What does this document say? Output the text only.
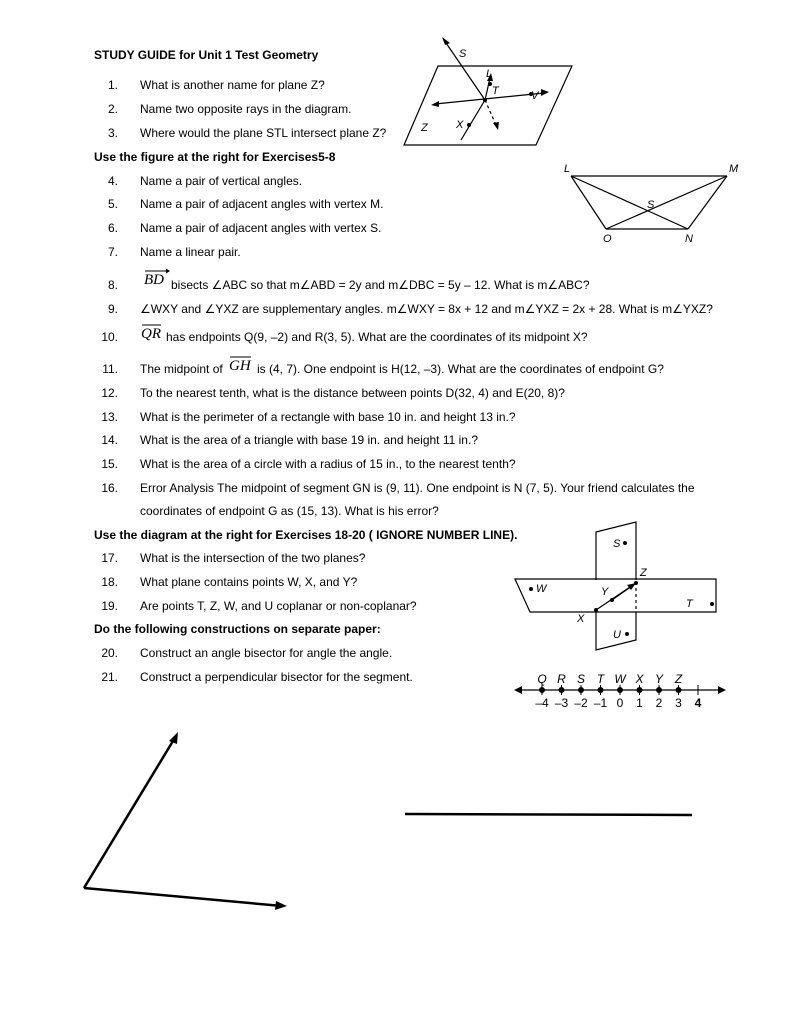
STUDY GUIDE for Unit 1 Test Geometry
1. What is another name for plane Z?
2. Name two opposite rays in the diagram.
3. Where would the plane STL intersect plane Z?
Use the figure at the right for Exercises5-8
4. Name a pair of vertical angles.
5. Name a pair of adjacent angles with vertex M.
6. Name a pair of adjacent angles with vertex S.
7. Name a linear pair.
8. BD bisects ∠ABC so that m∠ABD = 2y and m∠DBC = 5y – 12. What is m∠ABC?
9. ∠WXY and ∠YXZ are supplementary angles. m∠WXY = 8x + 12 and m∠YXZ = 2x + 28. What is m∠YXZ?
10. QR has endpoints Q(9, –2) and R(3, 5). What are the coordinates of its midpoint X?
11. The midpoint of GH is (4, 7). One endpoint is H(12, –3). What are the coordinates of endpoint G?
12. To the nearest tenth, what is the distance between points D(32, 4) and E(20, 8)?
13. What is the perimeter of a rectangle with base 10 in. and height 13 in.?
14. What is the area of a triangle with base 19 in. and height 11 in.?
15. What is the area of a circle with a radius of 15 in., to the nearest tenth?
16. Error Analysis The midpoint of segment GN is (9, 11). One endpoint is N (7, 5). Your friend calculates the
coordinates of endpoint G as (15, 13). What is his error?
Use the diagram at the right for Exercises 18-20 ( IGNORE NUMBER LINE).
17. What is the intersection of the two planes?
18. What plane contains points W, X, and Y?
19. Are points T, Z, W, and U coplanar or non-coplanar?
Do the following constructions on separate paper:
20. Construct an angle bisector for angle the angle.
21. Construct a perpendicular bisector for the segment.
S
L
T	V
Z	X
L	M
S
O	N
S
Z
W	Y
T
X
U
Q R S T W X Y Z
–4 –3 –2 –1 0	1	2	3	4
